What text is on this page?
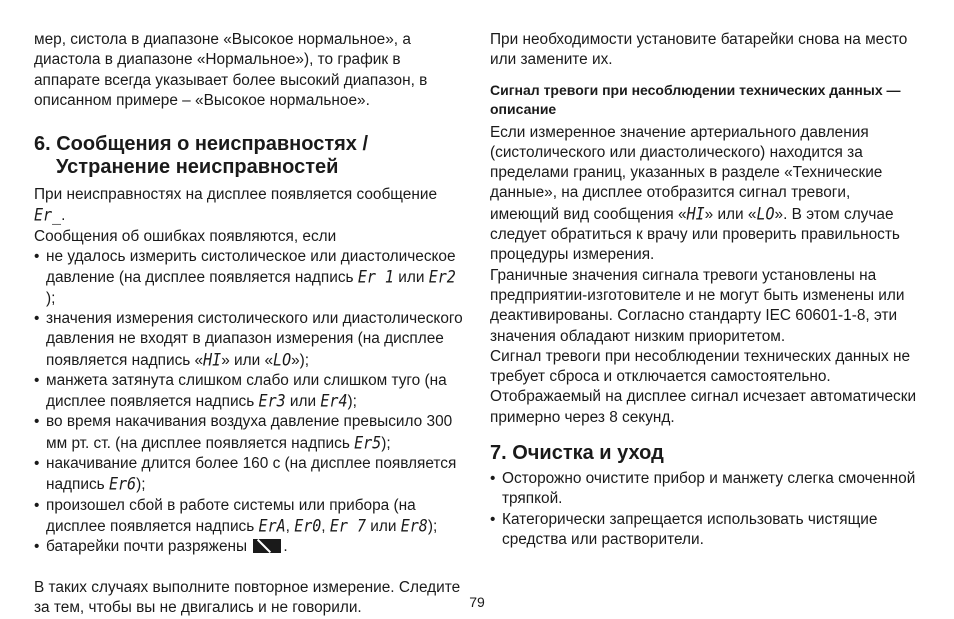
мер, систола в диапазоне «Высокое нормальное», а диастола в диапазоне «Нормальное»), то график в аппарате всегда указывает более высокий диапазон, в описанном примере – «Высокое нормальное».

6. Сообщения о неисправностях /
Устранение неисправностей

При неисправностях на дисплее появляется сообщение
Er_.

Сообщения об ошибках появляются, если

• не удалось измерить систолическое или диастолическое давление (на дисплее появляется надпись Er 1 или Er2);
• значения измерения систолического или диастолического давления не входят в диапазон измерения (на дисплее появляется надпись «HI» или «LO»);
• манжета затянута слишком слабо или слишком туго (на дисплее появляется надпись Er3 или Er4);
• во время накачивания воздуха давление превысило 300 мм рт. ст. (на дисплее появляется надпись Er5);
• накачивание длится более 160 с (на дисплее появляется надпись Er6);
• произошел сбой в работе системы или прибора (на дисплее появляется надпись ErA, Er0, Er 7 или Er8);
• батарейки почти разряжены .

В таких случаях выполните повторное измерение. Следите за тем, чтобы вы не двигались и не говорили.

При необходимости установите батарейки снова на место или замените их.

Сигнал тревоги при несоблюдении технических данных — описание

Если измеренное значение артериального давления (систолического или диастолического) находится за пределами границ, указанных в разделе «Технические данные», на дисплее отобразится сигнал тревоги, имеющий вид сообщения «HI» или «LO». В этом случае следует обратиться к врачу или проверить правильность процедуры измерения.

Граничные значения сигнала тревоги установлены на предприятии-изготовителе и не могут быть изменены или деактивированы. Согласно стандарту IEC 60601-1-8, эти значения обладают низким приоритетом.

Сигнал тревоги при несоблюдении технических данных не требует сброса и отключается самостоятельно. Отображаемый на дисплее сигнал исчезает автоматически примерно через 8 секунд.

7. Очистка и уход
• Осторожно очистите прибор и манжету слегка смоченной тряпкой.
• Категорически запрещается использовать чистящие средства или растворители.
79
